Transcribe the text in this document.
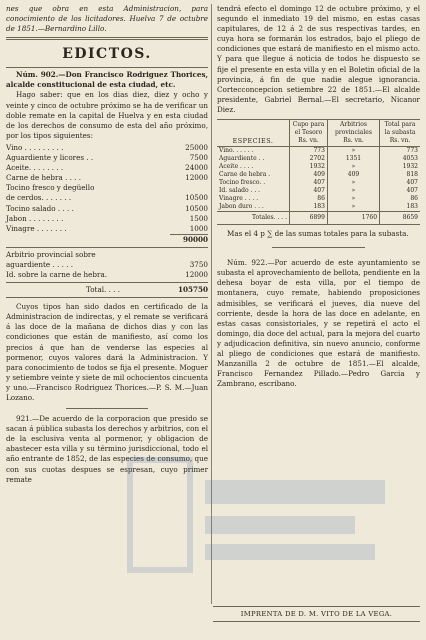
nes que obra en esta Administracion, para conocimiento de los licitadores. Huelva 7 de octubre de 1851.—Bernardino Lillo.

EDICTOS.

Núm. 902.—Don Francisco Rodriguez Thorices, alcalde constitucional de esta ciudad, etc.

Hago saber: que en los dias diez, diez y ocho y veinte y cinco de octubre próximo se ha de verificar un doble remate en la capital de Huelva y en esta ciudad de los derechos de consumo de esta del año próximo, por los tipos siguientes:

Vino . . . . . . . . .	25000
Aguardiente y licores . .	7500
Aceite. . . . . . . .	24000
Carne de hebra . . . .	12000
Tocino fresco y degüello
de cerdos. . . . . . .	10500
Tocino salado . . . .	10500
Jabon . . . . . . . .	1500
Vinagre . . . . . . .	1000
90000
Arbitrio provincial sobre
aguardiente . . . . .	3750
Id. sobre la carne de hebra.	12000
Total. . . .	105750

Cuyos tipos han sido dados en certificado de la Administracion de indirectas, y el remate se verificará á las doce de la mañana de dichos dias y con las condiciones que están de manifiesto, así como los precios á que han de venderse las especies al pormenor, cuyos valores dará la Administracion. Y para conocimiento de todos se fija el presente. Moguer y setiembre veinte y siete de mil ochocientos cincuenta y uno.—Francisco Rodriguez Thorices.—P. S. M.—Juan Lozano.

921.—De acuerdo de la corporacion que presido se sacan á pública subasta los derechos y arbitrios, con el de la esclusiva venta al pormenor, y obligacion de abastecer esta villa y su término jurisdiccional, todo el año entrante de 1852, de las especies de consumo, que con sus cuotas despues se espresan, cuyo primer remate

tendrá efecto el domingo 12 de octubre próximo, y el segundo el inmediato 19 del mismo, en estas casas capitulares, de 12 á 2 de sus respectivas tardes, en cuya hora se formarán los estrados, bajo el pliego de condiciones que estará de manifiesto en el mismo acto. Y para que llegue á noticia de todos he dispuesto se fije el presente en esta villa y en el Boletin oficial de la provincia, á fin de que nadie alegue ignorancia. Cortecconcepcion setiembre 22 de 1851.—El alcalde presidente, Gabriel Bernal.—El secretario, Nicanor Diez.

ESPECIES.	Cupo para el Tesoro Rs. vn.	Arbitrios provinciales Rs. vn.	Total para la subasta Rs. vn.
Vino. . . . . .	773	»	773
Aguardiente . .	2702	1351	4053
Aceite . . . .	1932	»	1932
Carne de hebra .	409	409	818
Tocino fresco. .	407	»	407
Id. salado . . .	407	»	407
Vinagre . . . .	86	»	86
Jabon duro . . .	183	»	183
Totales. . . .	6899	1760	8659

Mas el 4 p ∑ de las sumas totales para la subasta.

Núm. 922.—Por acuerdo de este ayuntamiento se subasta el aprovechamiento de bellota, pendiente en la dehesa boyar de esta villa, por el tiempo de montanera, cuyo remate, habiendo proposiciones admisibles, se verificará el jueves, dia nueve del corriente, desde la hora de las doce en adelante, en estas casas consistoriales, y se repetirá el acto el domingo, dia doce del actual, para la mejora del cuarto y adjudicacion definitiva, sin nuevo anuncio, conforme al pliego de condiciones que estará de manifiesto. Manzanilla 2 de octubre de 1851.—El alcalde, Francisco Fernandez Pillado.—Pedro Garcia y Zambrano, escribano.

IMPRENTA DE D. M. VITO DE LA VEGA.
